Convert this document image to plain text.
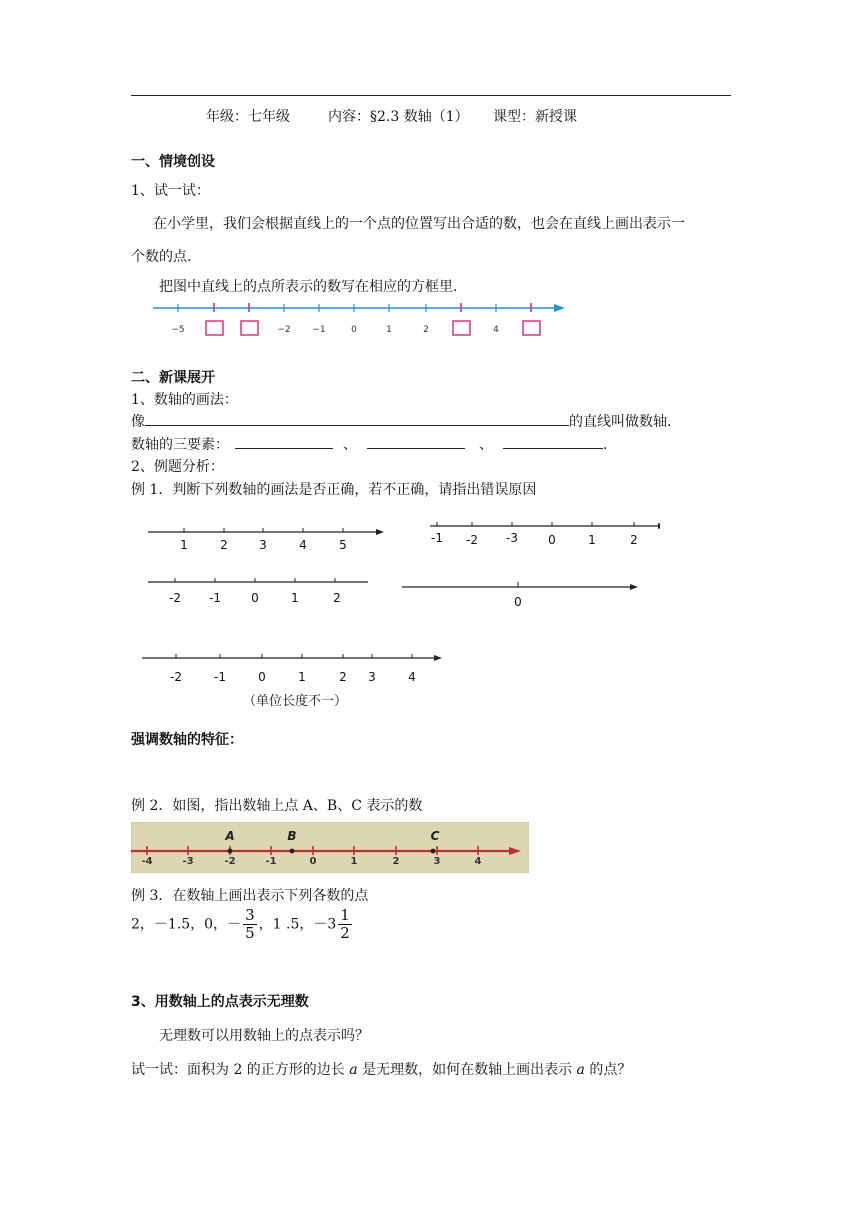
年级：七年级	内容：§2.3 数轴（1） 课型：新授课
一、情境创设
1、试一试：
在小学里，我们会根据直线上的一个点的位置写出合适的数，也会在直线上画出表示一
个数的点.
把图中直线上的点所表示的数写在相应的方框里.
−5	−2 −1	0	1	2	4
二、新课展开
1、数轴的画法：
像	的直线叫做数轴.
数轴的三要素：	、	、	.
2、例题分析：
例 1．判断下列数轴的画法是否正确，若不正确，请指出错误原因
1	2	3	4	5	-1 -2 -3	0	1	2
-2 -1	0	1	2	0
-2	-1	0	1	2 3	4
（单位长度不一）
强调数轴的特征：
例 2．如图，指出数轴上点 A、B、C 表示的数
A	B	C
-4	-3	-2	-1	0	1	2	3	4
例 3．在数轴上画出表示下列各数的点
2，－1.5，0，－ $\frac{3}{5}$ ，1 .5，$-3 \frac{1}{2}$
3、用数轴上的点表示无理数
无理数可以用数轴上的点表示吗？
试一试：面积为 2 的正方形的边长 a 是无理数，如何在数轴上画出表示 a 的点？
